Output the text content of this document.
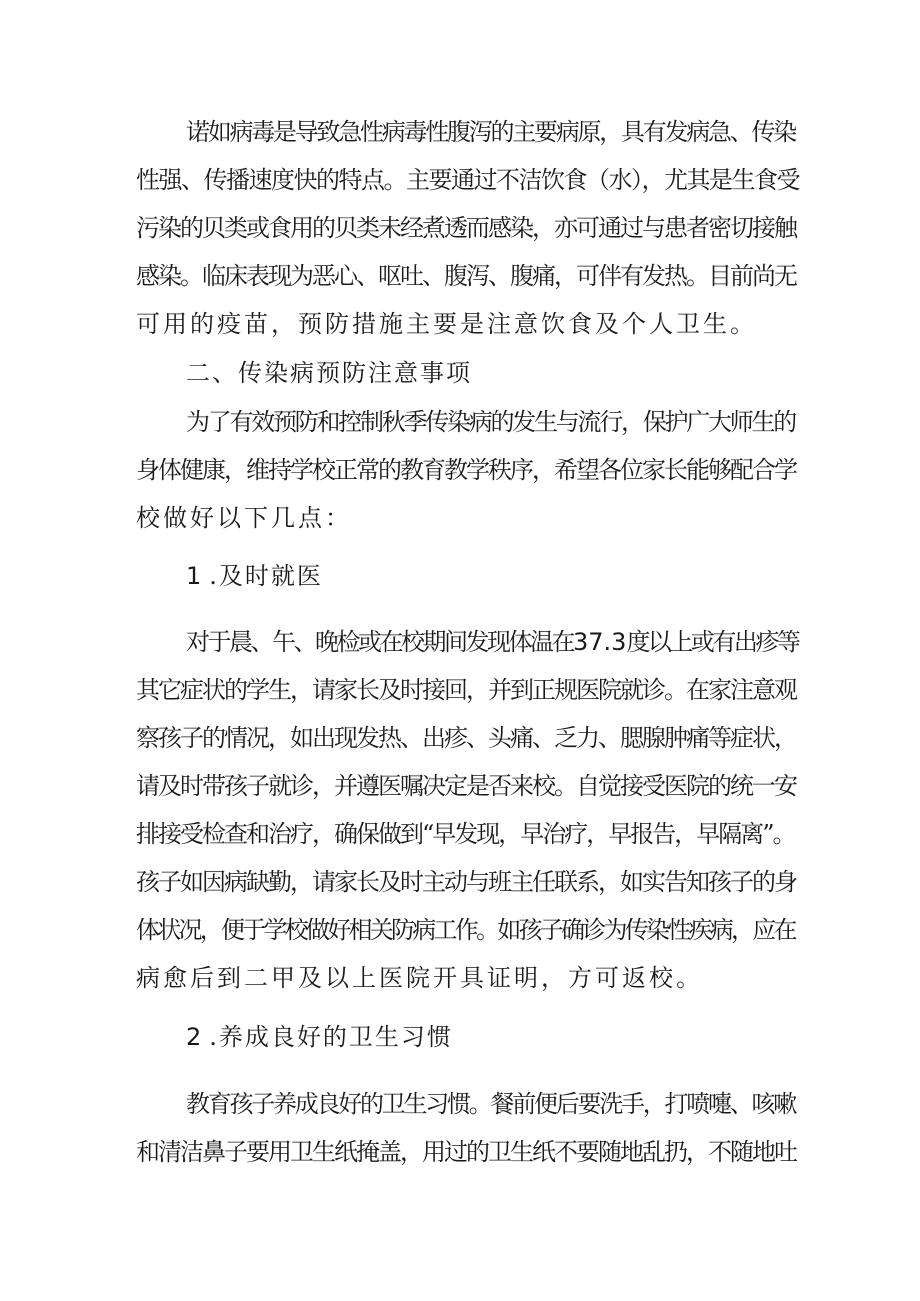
诺如病毒是导致急性病毒性腹泻的主要病原，具有发病急、传染
性强、传播速度快的特点。主要通过不洁饮食（水），尤其是生食受
污染的贝类或食用的贝类未经煮透而感染，亦可通过与患者密切接触
感染。临床表现为恶心、呕吐、腹泻、腹痛，可伴有发热。目前尚无
可用的疫苗，预防措施主要是注意饮食及个人卫生。
二、传染病预防注意事项
为了有效预防和控制秋季传染病的发生与流行，保护广大师生的
身体健康，维持学校正常的教育教学秩序，希望各位家长能够配合学
校做好以下几点：
1 .及时就医
对于晨、午、晚检或在校期间发现体温在37.3度以上或有出疹等
其它症状的学生，请家长及时接回，并到正规医院就诊。在家注意观
察孩子的情况，如出现发热、出疹、头痛、乏力、腮腺肿痛等症状，
请及时带孩子就诊，并遵医嘱决定是否来校。自觉接受医院的统一安
排接受检查和治疗，确保做到“早发现，早治疗，早报告，早隔离”。
孩子如因病缺勤，请家长及时主动与班主任联系，如实告知孩子的身
体状况，便于学校做好相关防病工作。如孩子确诊为传染性疾病，应在
病愈后到二甲及以上医院开具证明，方可返校。
2 .养成良好的卫生习惯
教育孩子养成良好的卫生习惯。餐前便后要洗手，打喷嚏、咳嗽
和清洁鼻子要用卫生纸掩盖，用过的卫生纸不要随地乱扔，不随地吐
